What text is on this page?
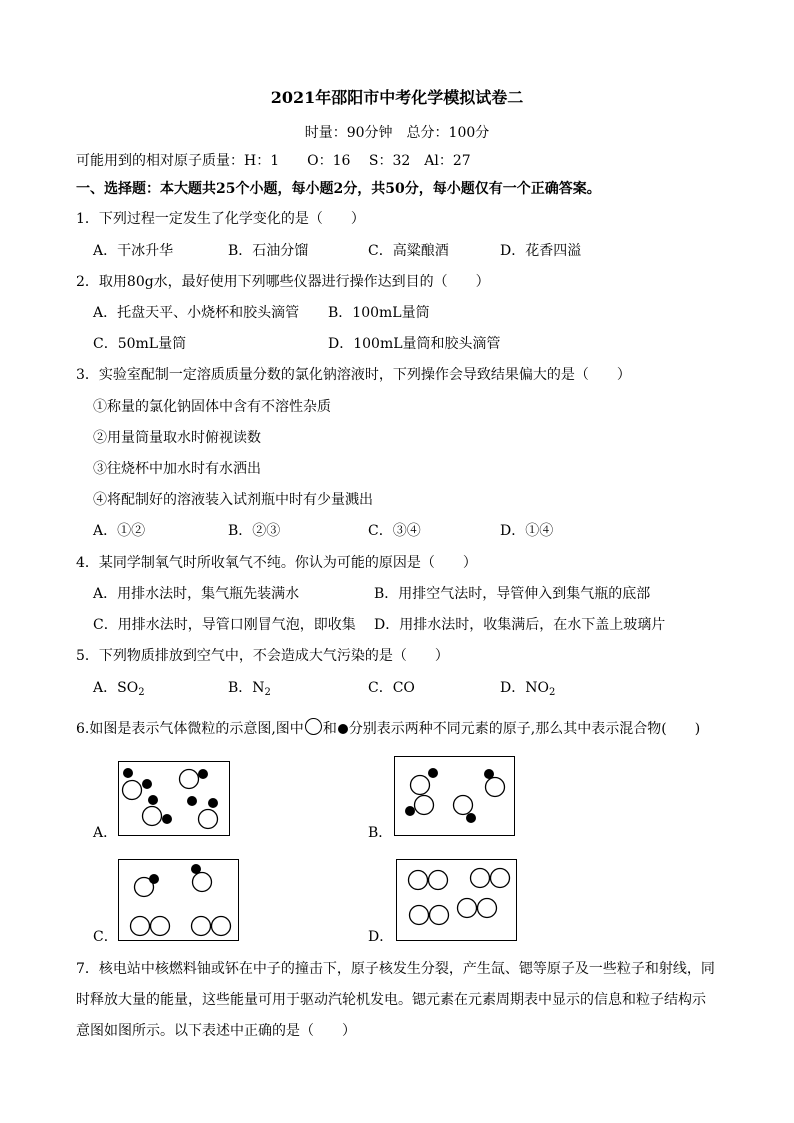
2021年邵阳市中考化学模拟试卷二
时量：90分钟　总分：100分
可能用到的相对原子质量：H：1　　O：16　 S：32　Al：27
一、选择题：本大题共25个小题，每小题2分，共50分，每小题仅有一个正确答案。
1．下列过程一定发生了化学变化的是（　　）
A．干冰升华	B．石油分馏	C．高粱酿酒	D．花香四溢
2．取用80g水，最好使用下列哪些仪器进行操作达到目的（　　）
A．托盘天平、小烧杯和胶头滴管 B．100mL量筒
C．50mL量筒	D．100mL量筒和胶头滴管
3．实验室配制一定溶质质量分数的氯化钠溶液时，下列操作会导致结果偏大的是（　　）
①称量的氯化钠固体中含有不溶性杂质
②用量筒量取水时俯视读数
③往烧杯中加水时有水洒出
④将配制好的溶液装入试剂瓶中时有少量溅出
A．①②	B．②③	C．③④	D．①④
4．某同学制氧气时所收氧气不纯。你认为可能的原因是（　　）
A．用排水法时，集气瓶先装满水	B．用排空气法时，导管伸入到集气瓶的底部
C．用排水法时，导管口刚冒气泡，即收集 D．用排水法时，收集满后，在水下盖上玻璃片
5．下列物质排放到空气中，不会造成大气污染的是（　　）
A．$SO_2$	B．$N_2$	C．CO	D．$NO_2$
6.如图是表示气体微粒的示意图,图中 和 分别表示两种不同元素的原子,那么其中表示混合物(　　)
A．	B．
C．	D．
7．核电站中核燃料铀或钚在中子的撞击下，原子核发生分裂，产生氙、锶等原子及一些粒子和射线，同
时释放大量的能量，这些能量可用于驱动汽轮机发电。锶元素在元素周期表中显示的信息和粒子结构示
意图如图所示。以下表述中正确的是（　　）
